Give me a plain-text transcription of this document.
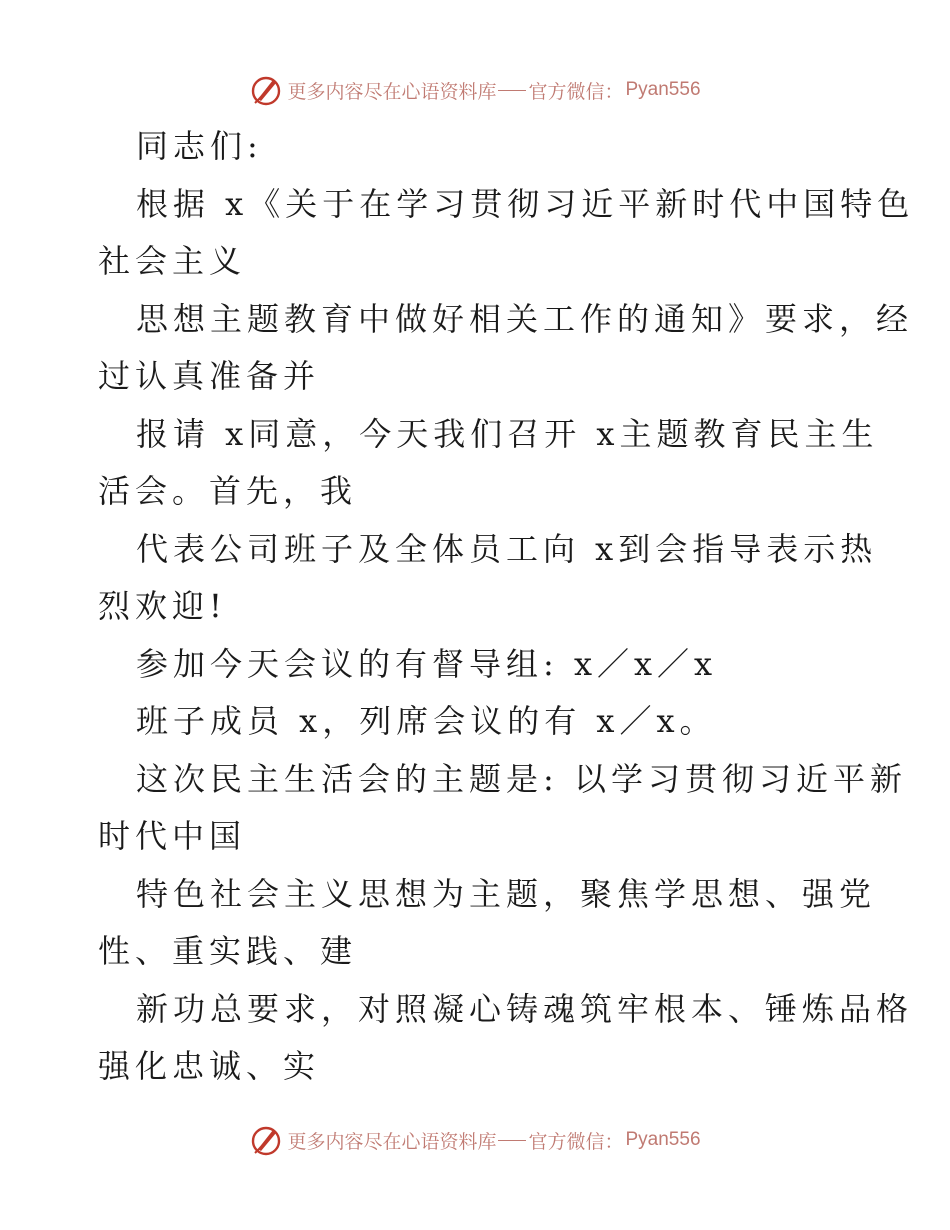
更多内容尽在心语资料库 官方微信： Pyan556
同志们:
根据 x《关于在学习贯彻习近平新时代中国特色
社会主义
思想主题教育中做好相关工作的通知》要求，经
过认真准备并
报请 x同意，今天我们召开 x主题教育民主生
活会。首先，我
代表公司班子及全体员工向 x到会指导表示热
烈欢迎!
参加今天会议的有督导组: x／x／x
班子成员 x，列席会议的有 x／x。
这次民主生活会的主题是: 以学习贯彻习近平新
时代中国
特色社会主义思想为主题，聚焦学思想、强党
性、重实践、建
新功总要求，对照凝心铸魂筑牢根本、锤炼品格
强化忠诚、实
更多内容尽在心语资料库 官方微信： Pyan556
